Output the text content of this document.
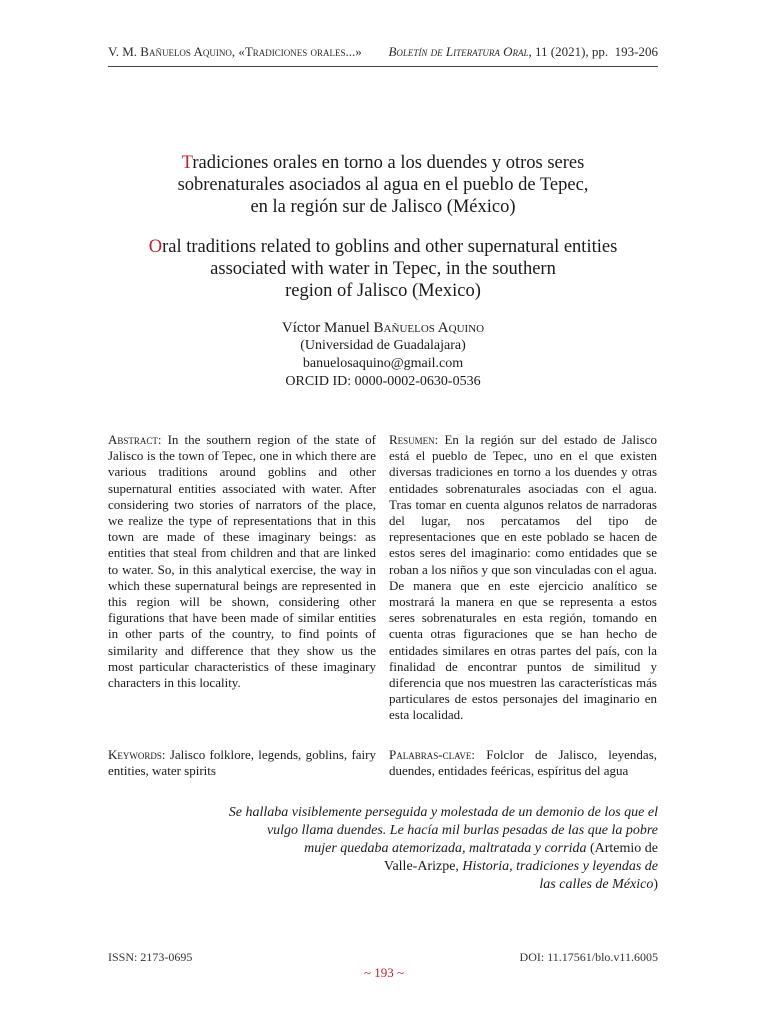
V. M. Bañuelos Aquino, «Tradiciones orales...» Boletín de Literatura Oral, 11 (2021), pp. 193-206

Tradiciones orales en torno a los duendes y otros seres

sobrenaturales asociados al agua en el pueblo de Tepec,

en la región sur de Jalisco (México)

Oral traditions related to goblins and other supernatural entities

associated with water in Tepec, in the southern

region of Jalisco (Mexico)

Víctor Manuel Bañuelos Aquino

(Universidad de Guadalajara)

banuelosaquino@gmail.com

ORCID ID: 0000-0002-0630-0536

Abstract: In the southern region of the state of Jalisco is the town of Tepec, one in which there are various traditions around goblins and other supernatural entities associated with water. After considering two stories of narrators of the place, we realize the type of representations that in this town are made of these imaginary beings: as entities that steal from children and that are linked to water. So, in this analytical exercise, the way in which these supernatural beings are represented in this region will be shown, considering other figurations that have been made of similar entities in other parts of the country, to find points of similarity and difference that they show us the most particular characteristics of these imaginary characters in this locality.

Resumen: En la región sur del estado de Jalisco está el pueblo de Tepec, uno en el que existen diversas tradiciones en torno a los duendes y otras entidades sobrenaturales asociadas con el agua. Tras tomar en cuenta algunos relatos de narradoras del lugar, nos percatamos del tipo de representaciones que en este poblado se hacen de estos seres del imaginario: como entidades que se roban a los niños y que son vinculadas con el agua. De manera que en este ejercicio analítico se mostrará la manera en que se representa a estos seres sobrenaturales en esta región, tomando en cuenta otras figuraciones que se han hecho de entidades similares en otras partes del país, con la finalidad de encontrar puntos de similitud y diferencia que nos muestren las características más particulares de estos personajes del imaginario en esta localidad.

Keywords: Jalisco folklore, legends, goblins, fairy entities, water spirits

Palabras-clave: Folclor de Jalisco, leyendas, duendes, entidades feéricas, espíritus del agua

Se hallaba visiblemente perseguida y molestada de un demonio de los que el

vulgo llama duendes. Le hacía mil burlas pesadas de las que la pobre

mujer quedaba atemorizada, maltratada y corrida (Artemio de

Valle-Arizpe, Historia, tradiciones y leyendas de

las calles de México)

ISSN: 2173-0695	DOI: 11.17561/blo.v11.6005
~ 193 ~
